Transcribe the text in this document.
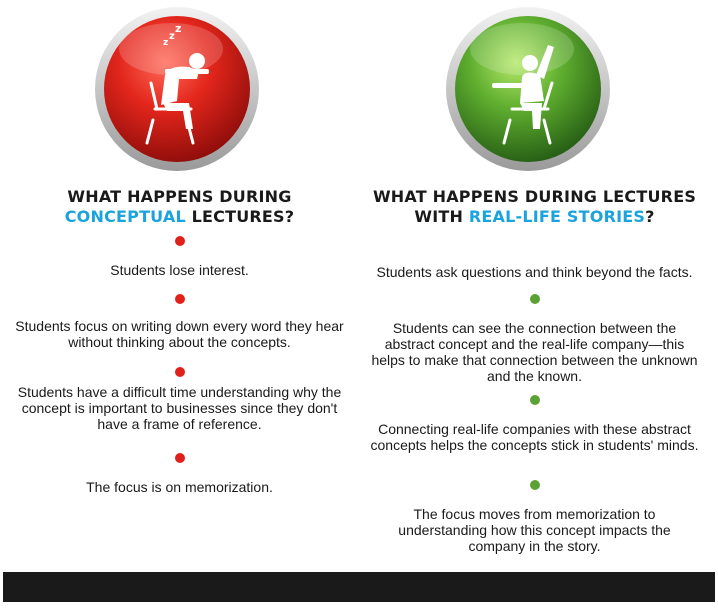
z
z
z
WHAT HAPPENS DURING
CONCEPTUAL LECTURES?
Students lose interest.
Students focus on writing down every word they hear without thinking about the concepts.
Students have a difficult time understanding why the concept is important to businesses since they don't have a frame of reference.
The focus is on memorization.
WHAT HAPPENS DURING LECTURES
WITH REAL-LIFE STORIES?
Students ask questions and think beyond the facts.
Students can see the connection between the abstract concept and the real-life company—this helps to make that connection between the unknown and the known.
Connecting real-life companies with these abstract concepts helps the concepts stick in students' minds.
The focus moves from memorization to understanding how this concept impacts the company in the story.
